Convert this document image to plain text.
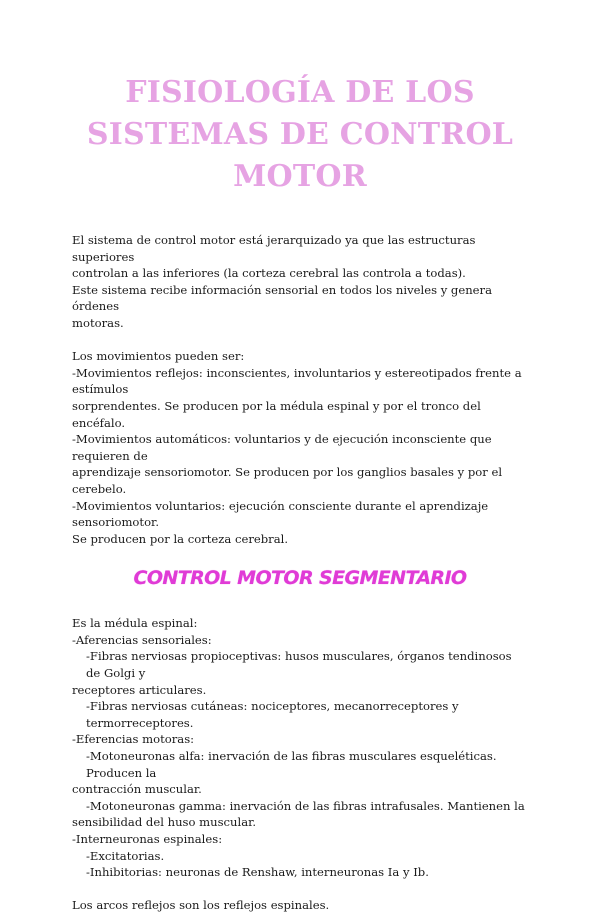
FISIOLOGÍA DE LOS
SISTEMAS DE CONTROL
MOTOR
El sistema de control motor está jerarquizado ya que las estructuras superiores
controlan a las inferiores (la corteza cerebral las controla a todas).
Este sistema recibe información sensorial en todos los niveles y genera órdenes
motoras.
Los movimientos pueden ser:
-Movimientos reflejos: inconscientes, involuntarios y estereotipados frente a estímulos
sorprendentes. Se producen por la médula espinal y por el tronco del encéfalo.
-Movimientos automáticos: voluntarios y de ejecución inconsciente que requieren de
aprendizaje sensoriomotor. Se producen por los ganglios basales y por el cerebelo.
-Movimientos voluntarios: ejecución consciente durante el aprendizaje sensoriomotor.
Se producen por la corteza cerebral.
CONTROL MOTOR SEGMENTARIO
Es la médula espinal:
-Aferencias sensoriales:
-Fibras nerviosas propioceptivas: husos musculares, órganos tendinosos de Golgi y
receptores articulares.
-Fibras nerviosas cutáneas: nociceptores, mecanorreceptores y termorreceptores.
-Eferencias motoras:
-Motoneuronas alfa: inervación de las fibras musculares esqueléticas. Producen la
contracción muscular.
-Motoneuronas gamma: inervación de las fibras intrafusales. Mantienen la
sensibilidad del huso muscular.
-Interneuronas espinales:
-Excitatorias.
-Inhibitorias: neuronas de Renshaw, interneuronas Ia y Ib.
Los arcos reflejos son los reflejos espinales.
